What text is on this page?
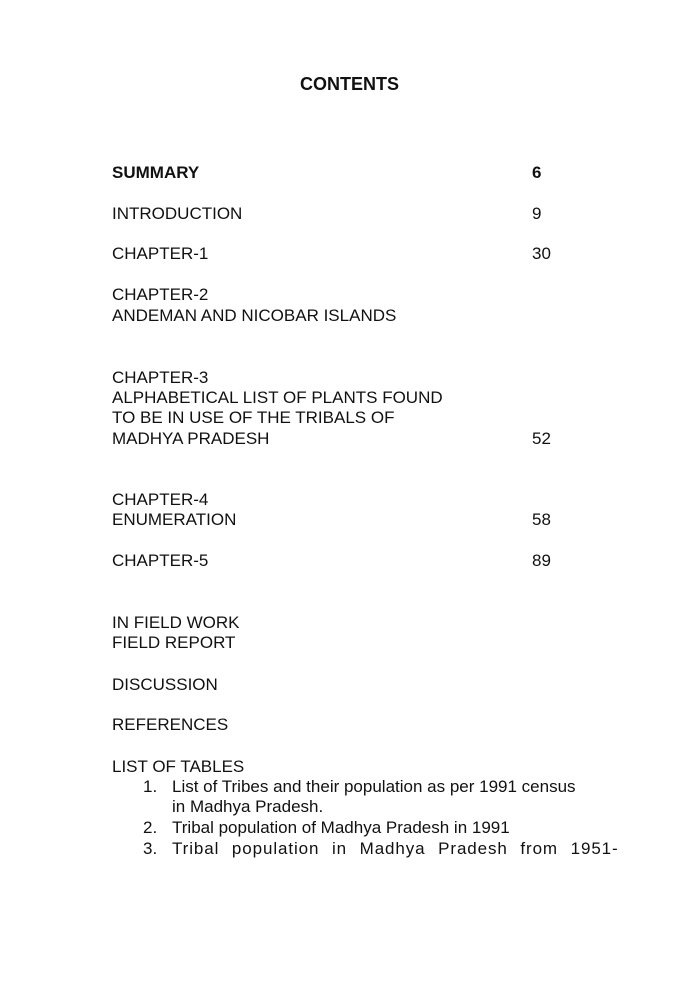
CONTENTS
SUMMARY	6
INTRODUCTION	9
CHAPTER-1	30
CHAPTER-2
ANDEMAN AND NICOBAR ISLANDS
CHAPTER-3
ALPHABETICAL LIST OF PLANTS FOUND
TO BE IN USE OF THE TRIBALS OF
MADHYA PRADESH	52
CHAPTER-4
ENUMERATION	58
CHAPTER-5	89
IN FIELD WORK
FIELD REPORT
DISCUSSION
REFERENCES
LIST OF TABLES
1. List of Tribes and their population as per 1991 census
in Madhya Pradesh.
2. Tribal population of Madhya Pradesh in 1991
3. Tribal population in Madhya Pradesh from 1951-
